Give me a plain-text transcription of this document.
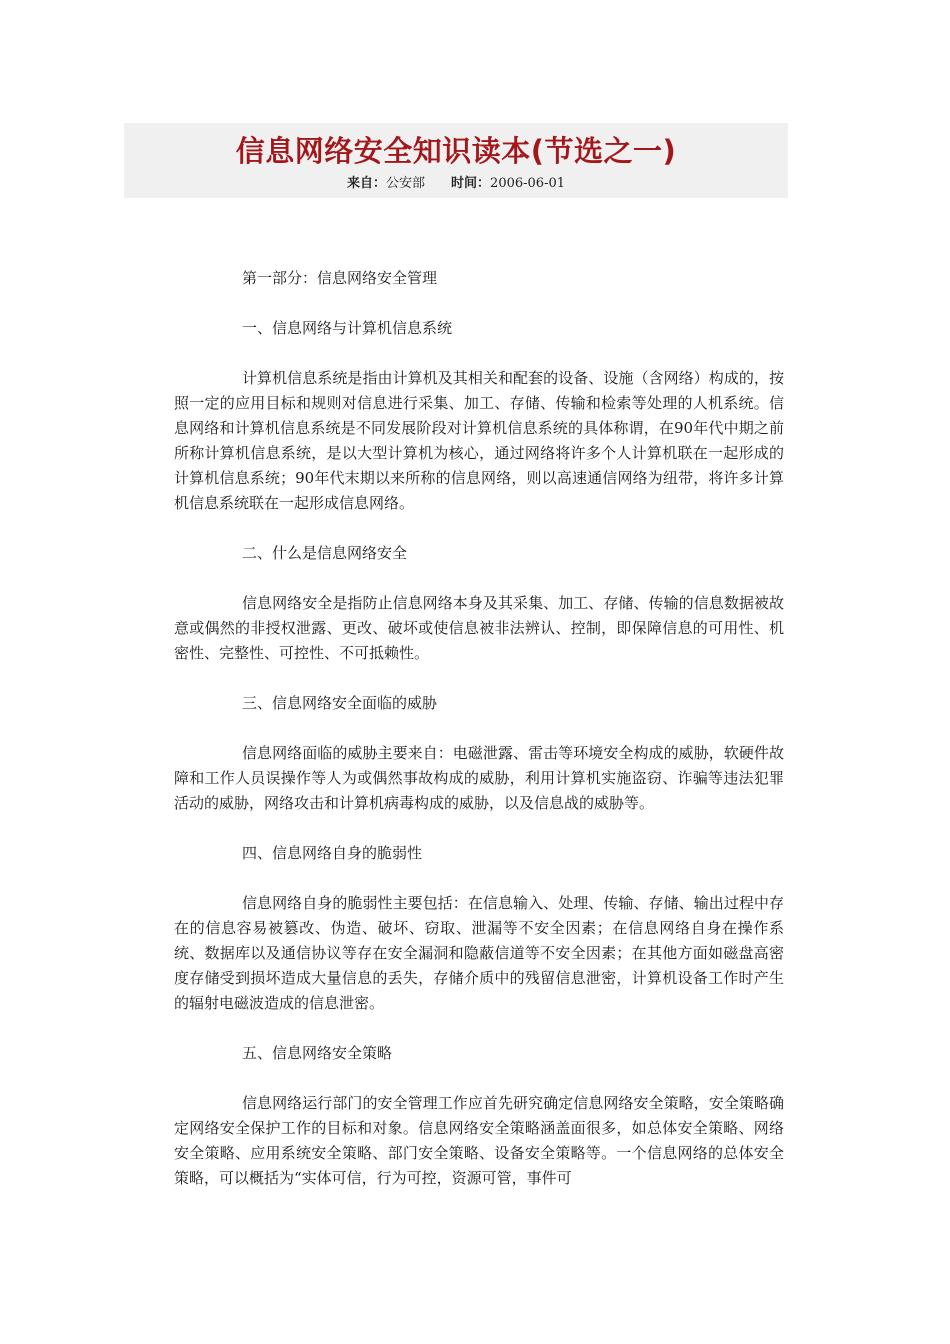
信息网络安全知识读本(节选之一)
来自：公安部 时间：2006-06-01

第一部分：信息网络安全管理

一、信息网络与计算机信息系统

计算机信息系统是指由计算机及其相关和配套的设备、设施（含网络）构成的，按照一定的应用目标和规则对信息进行采集、加工、存储、传输和检索等处理的人机系统。信息网络和计算机信息系统是不同发展阶段对计算机信息系统的具体称谓，在90年代中期之前所称计算机信息系统，是以大型计算机为核心，通过网络将许多个人计算机联在一起形成的计算机信息系统；90年代末期以来所称的信息网络，则以高速通信网络为纽带，将许多计算机信息系统联在一起形成信息网络。

二、什么是信息网络安全

信息网络安全是指防止信息网络本身及其采集、加工、存储、传输的信息数据被故意或偶然的非授权泄露、更改、破坏或使信息被非法辨认、控制，即保障信息的可用性、机密性、完整性、可控性、不可抵赖性。

三、信息网络安全面临的威胁

信息网络面临的威胁主要来自：电磁泄露、雷击等环境安全构成的威胁，软硬件故障和工作人员误操作等人为或偶然事故构成的威胁，利用计算机实施盗窃、诈骗等违法犯罪活动的威胁，网络攻击和计算机病毒构成的威胁，以及信息战的威胁等。

四、信息网络自身的脆弱性

信息网络自身的脆弱性主要包括：在信息输入、处理、传输、存储、输出过程中存在的信息容易被篡改、伪造、破坏、窃取、泄漏等不安全因素；在信息网络自身在操作系统、数据库以及通信协议等存在安全漏洞和隐蔽信道等不安全因素；在其他方面如磁盘高密度存储受到损坏造成大量信息的丢失，存储介质中的残留信息泄密，计算机设备工作时产生的辐射电磁波造成的信息泄密。

五、信息网络安全策略

信息网络运行部门的安全管理工作应首先研究确定信息网络安全策略，安全策略确定网络安全保护工作的目标和对象。信息网络安全策略涵盖面很多，如总体安全策略、网络安全策略、应用系统安全策略、部门安全策略、设备安全策略等。一个信息网络的总体安全策略，可以概括为“实体可信，行为可控，资源可管，事件可
